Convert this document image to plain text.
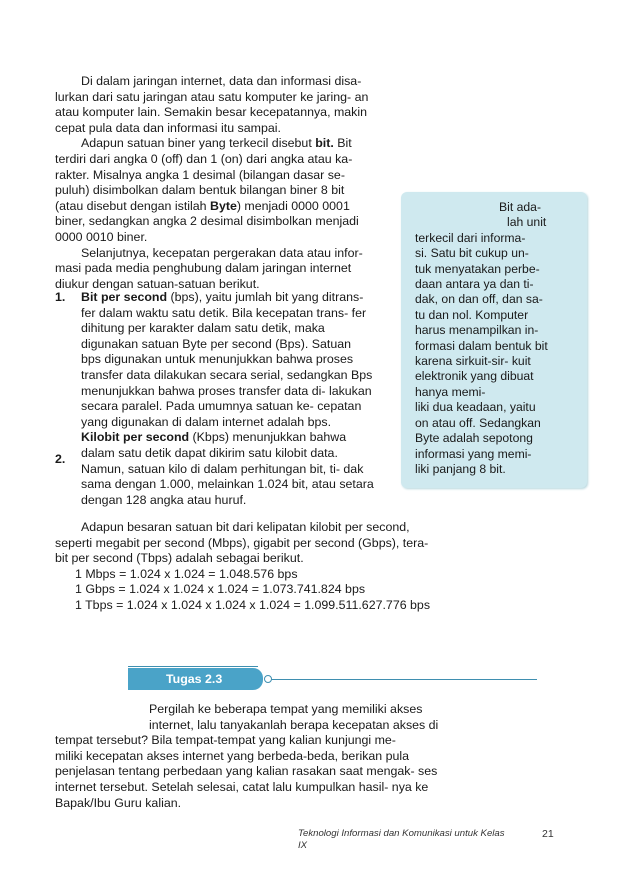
Di dalam jaringan internet, data dan informasi disa-
lurkan dari satu jaringan atau satu komputer ke jaring- an
atau komputer lain. Semakin besar kecepatannya, makin
cepat pula data dan informasi itu sampai.
Adapun satuan biner yang terkecil disebut bit. Bit
terdiri dari angka 0 (off) dan 1 (on) dari angka atau ka-
rakter. Misalnya angka 1 desimal (bilangan dasar se-
puluh) disimbolkan dalam bentuk bilangan biner 8 bit
(atau disebut dengan istilah Byte) menjadi 0000 0001
biner, sedangkan angka 2 desimal disimbolkan menjadi
0000 0010 biner.
Selanjutnya, kecepatan pergerakan data atau infor-
masi pada media penghubung dalam jaringan internet
diukur dengan satuan-satuan berikut.
1. Bit per second (bps), yaitu jumlah bit yang ditrans-
fer dalam waktu satu detik. Bila kecepatan trans- fer
dihitung per karakter dalam satu detik, maka
digunakan satuan Byte per second (Bps). Satuan
bps digunakan untuk menunjukkan bahwa proses
transfer data dilakukan secara serial, sedangkan Bps
menunjukkan bahwa proses transfer data di- lakukan
secara paralel. Pada umumnya satuan ke- cepatan
yang digunakan di dalam internet adalah bps.
2.
Kilobit per second (Kbps) menunjukkan bahwa
dalam satu detik dapat dikirim satu kilobit data.
Namun, satuan kilo di dalam perhitungan bit, ti- dak
sama dengan 1.000, melainkan 1.024 bit, atau setara
dengan 128 angka atau huruf.
Bit ada-
lah unit
terkecil dari informa-
si. Satu bit cukup un-
tuk menyatakan perbe-
daan antara ya dan ti-
dak, on dan off, dan sa-
tu dan nol. Komputer
harus menampilkan in-
formasi dalam bentuk bit
karena sirkuit-sir- kuit
elektronik yang dibuat
hanya memi-
liki dua keadaan, yaitu
on atau off. Sedangkan
Byte adalah sepotong
informasi yang memi-
liki panjang 8 bit.
Adapun besaran satuan bit dari kelipatan kilobit per second,
seperti megabit per second (Mbps), gigabit per second (Gbps), tera-
bit per second (Tbps) adalah sebagai berikut.
1 Mbps = 1.024 x 1.024 = 1.048.576 bps
1 Gbps = 1.024 x 1.024 x 1.024 = 1.073.741.824 bps
1 Tbps = 1.024 x 1.024 x 1.024 x 1.024 = 1.099.511.627.776 bps
Tugas 2.3
Pergilah ke beberapa tempat yang memiliki akses
internet, lalu tanyakanlah berapa kecepatan akses di
tempat tersebut? Bila tempat-tempat yang kalian kunjungi me-
miliki kecepatan akses internet yang berbeda-beda, berikan pula
penjelasan tentang perbedaan yang kalian rasakan saat mengak- ses
internet tersebut. Setelah selesai, catat lalu kumpulkan hasil- nya ke
Bapak/Ibu Guru kalian.
Teknologi Informasi dan Komunikasi untuk Kelas
IX
21
